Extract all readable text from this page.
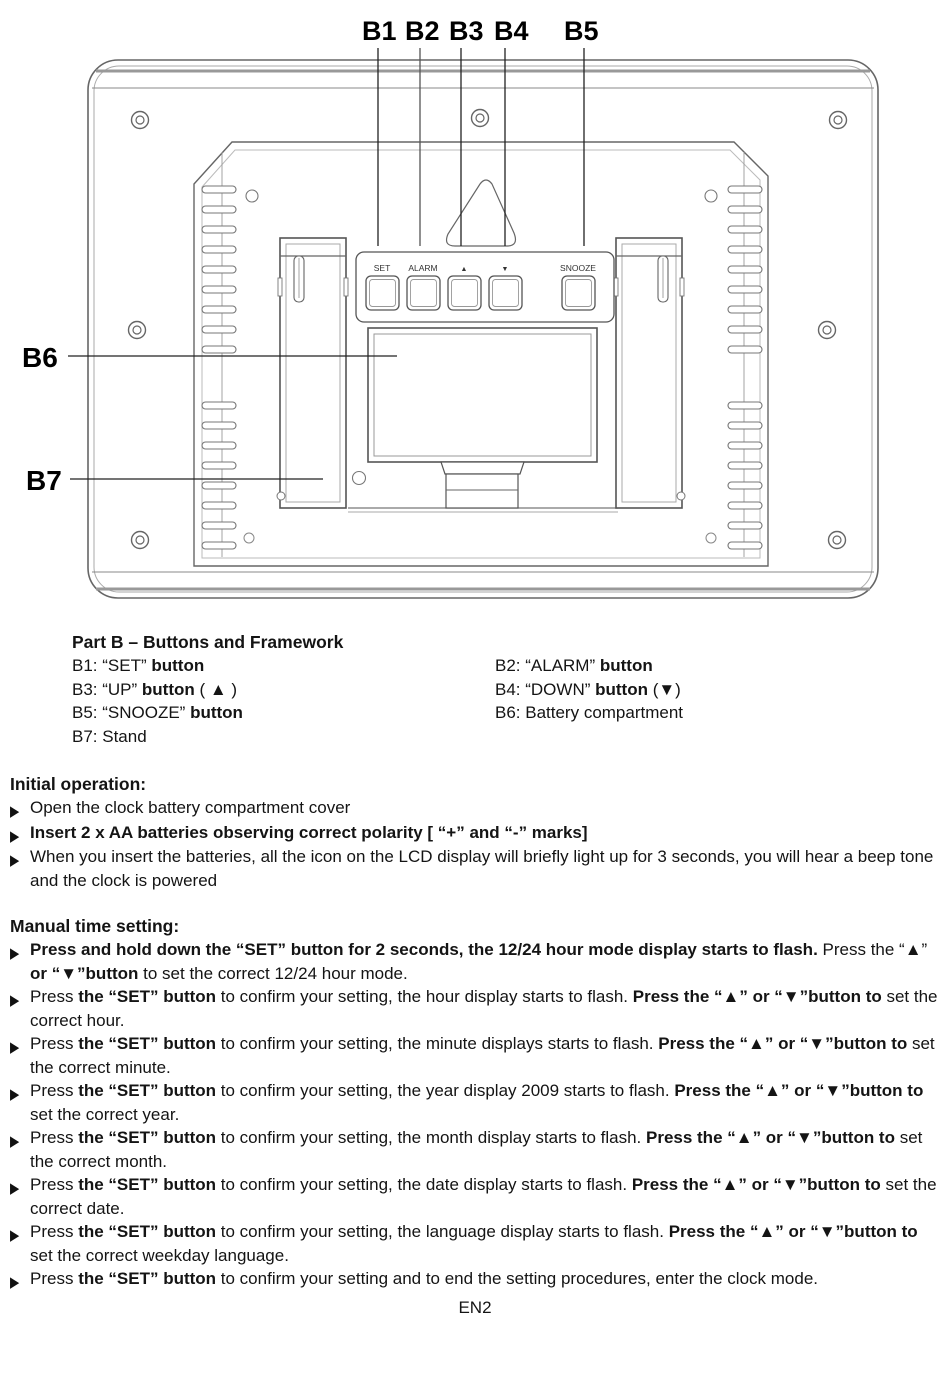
SET ALARM	▲	▼	SNOOZE
B1 B2 B3 B4 B5
B6
B7
Part B – Buttons and Framework
B1: “SET” button	B2: “ALARM” button
B3: “UP” button ( ▲ )	B4: “DOWN” button (▼)
B5: “SNOOZE” button	B6: Battery compartment
B7: Stand
Initial operation:
▶ Open the clock battery compartment cover
▶ Insert 2 x AA batteries observing correct polarity [ “+” and “-” marks]
▶ When you insert the batteries, all the icon on the LCD display will briefly light up for 3 seconds, you will hear a beep tone and the clock is powered
Manual time setting:
▶ Press and hold down the “SET” button for 2 seconds, the 12/24 hour mode display starts to flash. Press the “▲” or “▼”button to set the correct 12/24 hour mode.
▶ Press the “SET” button to confirm your setting, the hour display starts to flash. Press the “▲” or “▼”button to set the correct hour.
▶ Press the “SET” button to confirm your setting, the minute displays starts to flash. Press the “▲” or “▼”button to set the correct minute.
▶ Press the “SET” button to confirm your setting, the year display 2009 starts to flash. Press the “▲” or “▼”button to set the correct year.
▶ Press the “SET” button to confirm your setting, the month display starts to flash. Press the “▲” or “▼”button to set the correct month.
▶ Press the “SET” button to confirm your setting, the date display starts to flash. Press the “▲” or “▼”button to set the correct date.
▶ Press the “SET” button to confirm your setting, the language display starts to flash. Press the “▲” or “▼”button to set the correct weekday language.
▶ Press the “SET” button to confirm your setting and to end the setting procedures, enter the clock mode.
EN2
